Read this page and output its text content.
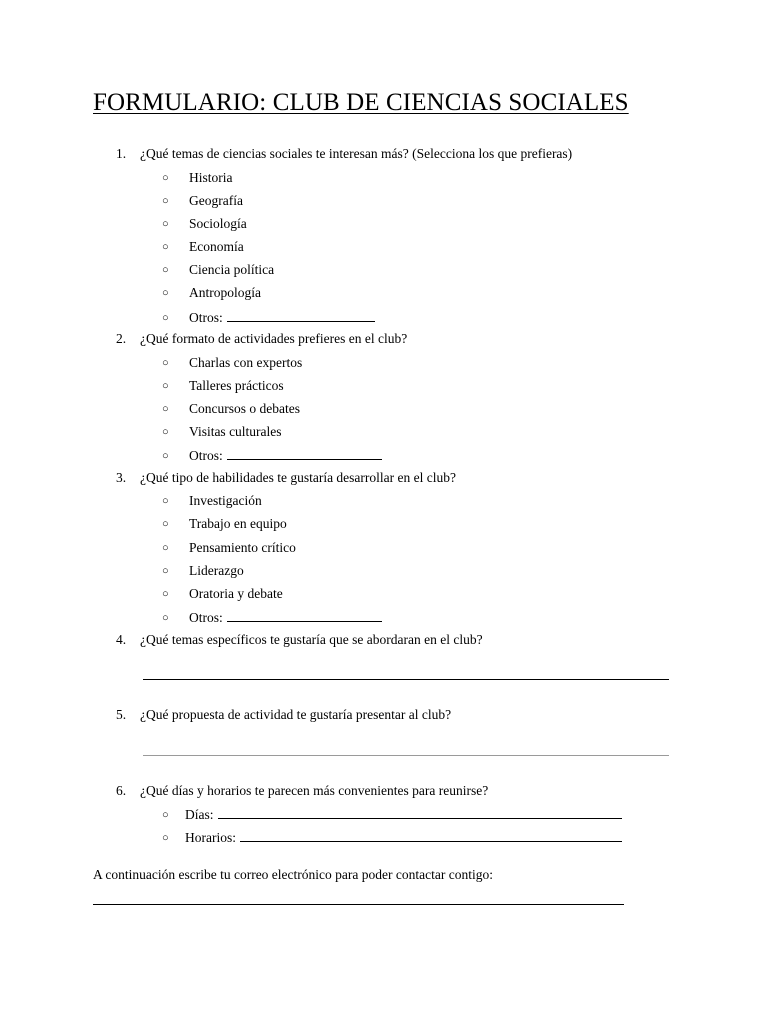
FORMULARIO: CLUB DE CIENCIAS SOCIALES
1. ¿Qué temas de ciencias sociales te interesan más? (Selecciona los que prefieras)
○ Historia
○ Geografía
○ Sociología
○ Economía
○ Ciencia política
○ Antropología
○ Otros:
2. ¿Qué formato de actividades prefieres en el club?
○ Charlas con expertos
○ Talleres prácticos
○ Concursos o debates
○ Visitas culturales
○ Otros:
3. ¿Qué tipo de habilidades te gustaría desarrollar en el club?
○ Investigación
○ Trabajo en equipo
○ Pensamiento crítico
○ Liderazgo
○ Oratoria y debate
○ Otros:
4. ¿Qué temas específicos te gustaría que se abordaran en el club?
5. ¿Qué propuesta de actividad te gustaría presentar al club?
6. ¿Qué días y horarios te parecen más convenientes para reunirse?
○ Días:
○ Horarios:
A continuación escribe tu correo electrónico para poder contactar contigo:
